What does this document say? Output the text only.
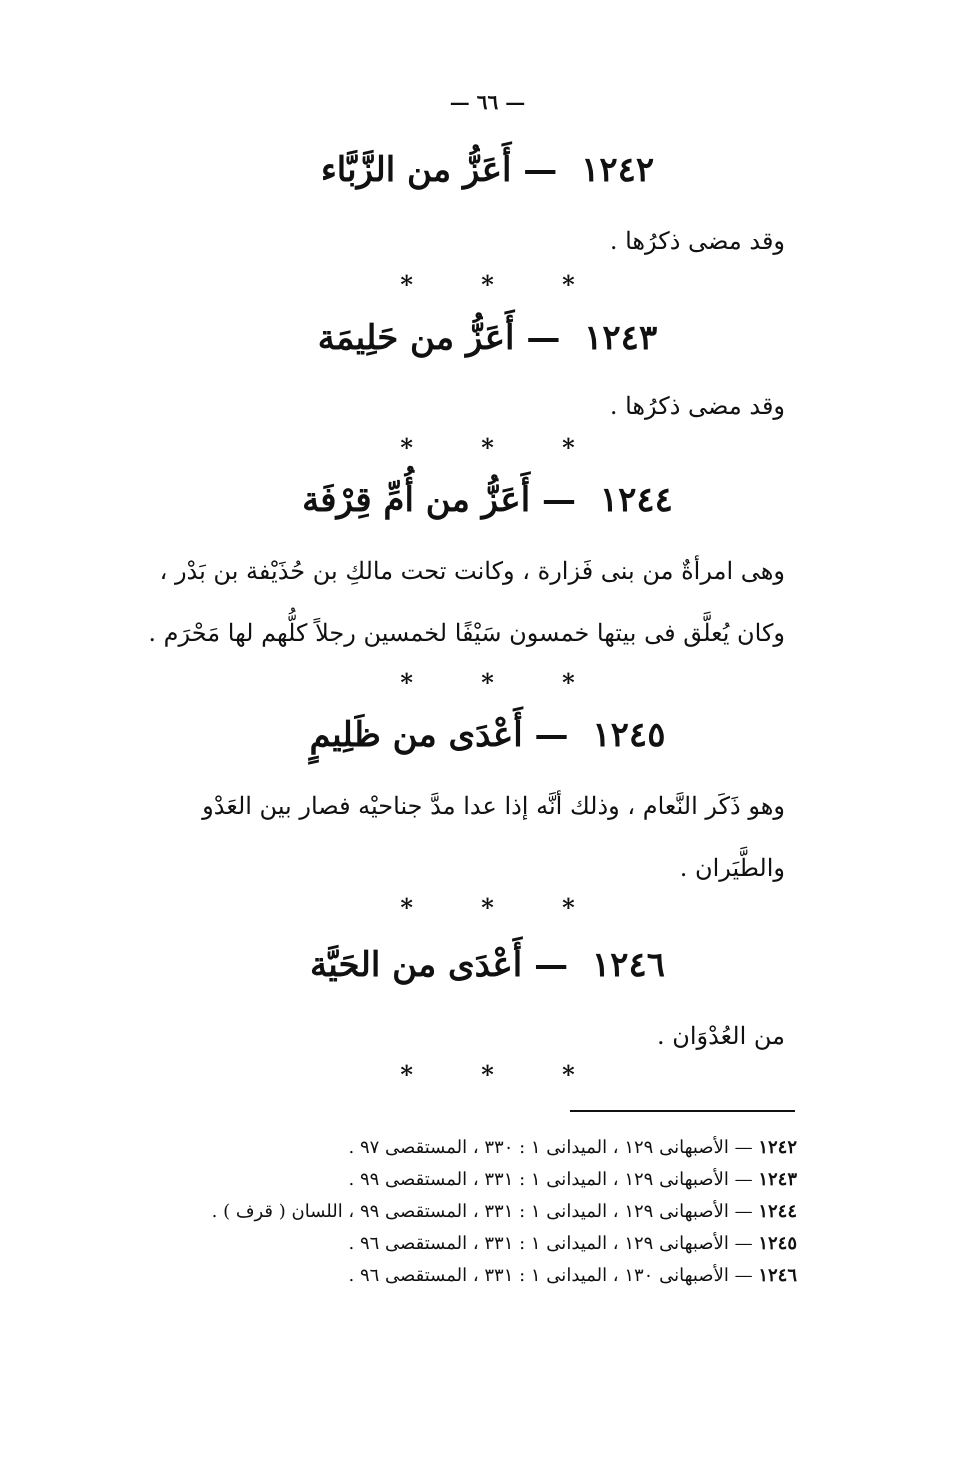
— ٦٦ —
١٢٤٢ — أَعَزُّ من الزَّبَّاء
وقد مضى ذكرُها .
* * *
١٢٤٣ — أَعَزُّ من حَلِيمَة
وقد مضى ذكرُها .
* * *
١٢٤٤ — أَعَزُّ من أُمِّ قِرْفَة
وهى امرأةٌ من بنى فَزارة ، وكانت تحت مالكِ بن حُذَيْفة بن بَدْر ، وكان يُعلَّق فى بيتها خمسون سَيْفًا لخمسين رجلاً كلُّهم لها مَحْرَم .
* * *
١٢٤٥ — أَعْدَى من ظَلِيمٍ
وهو ذَكَر النَّعام ، وذلك أنَّه إذا عدا مدَّ جناحيْه فصار بين العَدْو والطَّيَران .
* * *
١٢٤٦ — أَعْدَى من الحَيَّة
من العُدْوَان .
* * *
١٢٤٢ — الأصبهانى ١٢٩ ، الميدانى ١ : ٣٣٠ ، المستقصى ٩٧ .
١٢٤٣ — الأصبهانى ١٢٩ ، الميدانى ١ : ٣٣١ ، المستقصى ٩٩ .
١٢٤٤ — الأصبهانى ١٢٩ ، الميدانى ١ : ٣٣١ ، المستقصى ٩٩ ، اللسان ( قرف ) .
١٢٤٥ — الأصبهانى ١٢٩ ، الميدانى ١ : ٣٣١ ، المستقصى ٩٦ .
١٢٤٦ — الأصبهانى ١٣٠ ، الميدانى ١ : ٣٣١ ، المستقصى ٩٦ .
